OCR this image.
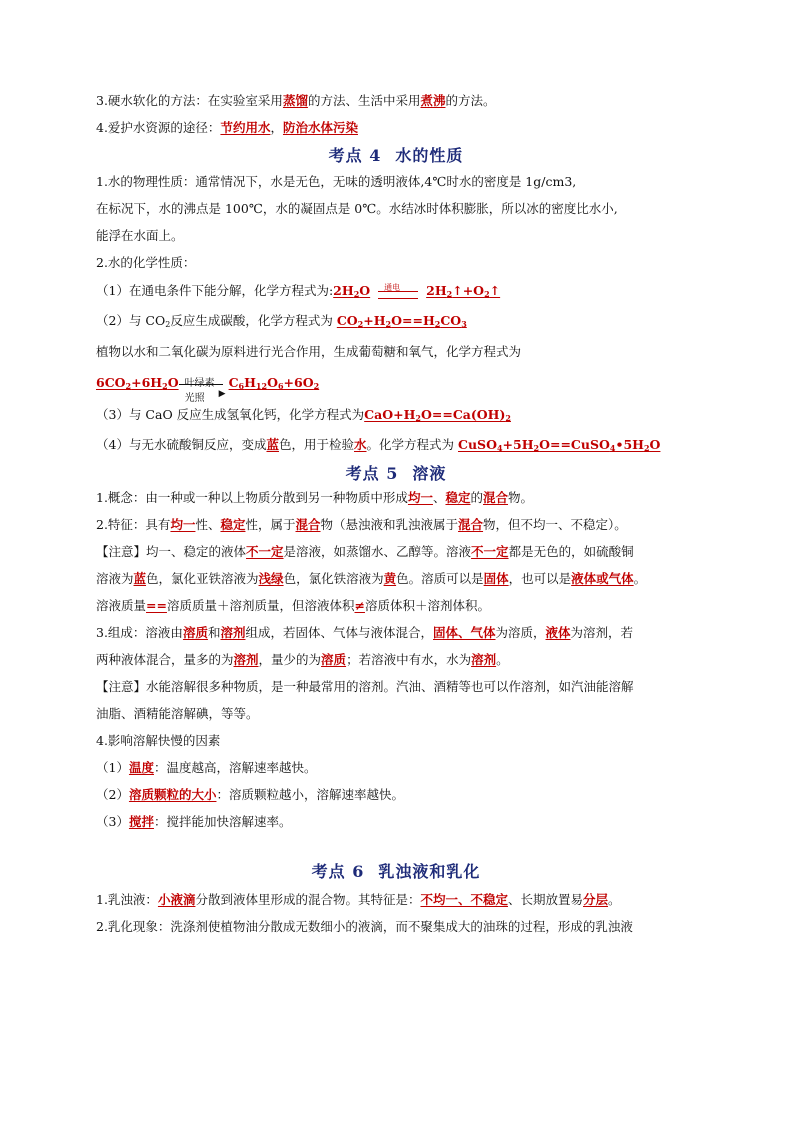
3.硬水软化的方法：在实验室采用蒸馏的方法、生活中采用煮沸的方法。
4.爱护水资源的途径：节约用水，防治水体污染
考点 4 水的性质
1.水的物理性质：通常情况下，水是无色，无味的透明液体,4℃时水的密度是 1g/cm3,
在标况下，水的沸点是 100℃，水的凝固点是 0℃。水结冰时体积膨胀，所以冰的密度比水小,
能浮在水面上。
2.水的化学性质：
（1）在通电条件下能分解，化学方程式为$:2H_2O$ 通电 $2H_2↑+O_2↑$
（2）与 $CO_2$反应生成碳酸，化学方程式为 $CO_2+H_2O==H_2CO_3$
植物以水和二氧化碳为原料进行光合作用，生成葡萄糖和氧气，化学方程式为
$6CO_2+6H_2O$ 叶绿素
▶
光照
$C_6H_{12}O_6+6O_2$
（3）与 CaO 反应生成氢氧化钙，化学方程式为$CaO+H_2O==Ca(OH)_2$
（4）与无水硫酸铜反应，变成蓝色，用于检验水。化学方程式为 $CuSO_4+5H_2O==CuSO_4•5H_2O$
考点 5 溶液
1.概念：由一种或一种以上物质分散到另一种物质中形成均一、稳定的混合物。
2.特征：具有均一性、稳定性，属于混合物（悬浊液和乳浊液属于混合物，但不均一、不稳定）。
【注意】均一、稳定的液体不一定是溶液，如蒸馏水、乙醇等。溶液不一定都是无色的，如硫酸铜
溶液为蓝色，氯化亚铁溶液为浅绿色，氯化铁溶液为黄色。溶质可以是固体，也可以是液体或气体。
溶液质量==溶质质量＋溶剂质量，但溶液体积≠溶质体积＋溶剂体积。
3.组成：溶液由溶质和溶剂组成，若固体、气体与液体混合，固体、气体为溶质，液体为溶剂，若
两种液体混合，量多的为溶剂，量少的为溶质；若溶液中有水，水为溶剂。
【注意】水能溶解很多种物质，是一种最常用的溶剂。汽油、酒精等也可以作溶剂，如汽油能溶解
油脂、酒精能溶解碘，等等。
4.影响溶解快慢的因素
（1）温度：温度越高，溶解速率越快。
（2）溶质颗粒的大小：溶质颗粒越小，溶解速率越快。
（3）搅拌：搅拌能加快溶解速率。
考点 6 乳浊液和乳化
1.乳浊液：小液滴分散到液体里形成的混合物。其特征是：不均一、不稳定、长期放置易分层。
2.乳化现象：洗涤剂使植物油分散成无数细小的液滴，而不聚集成大的油珠的过程，形成的乳浊液
